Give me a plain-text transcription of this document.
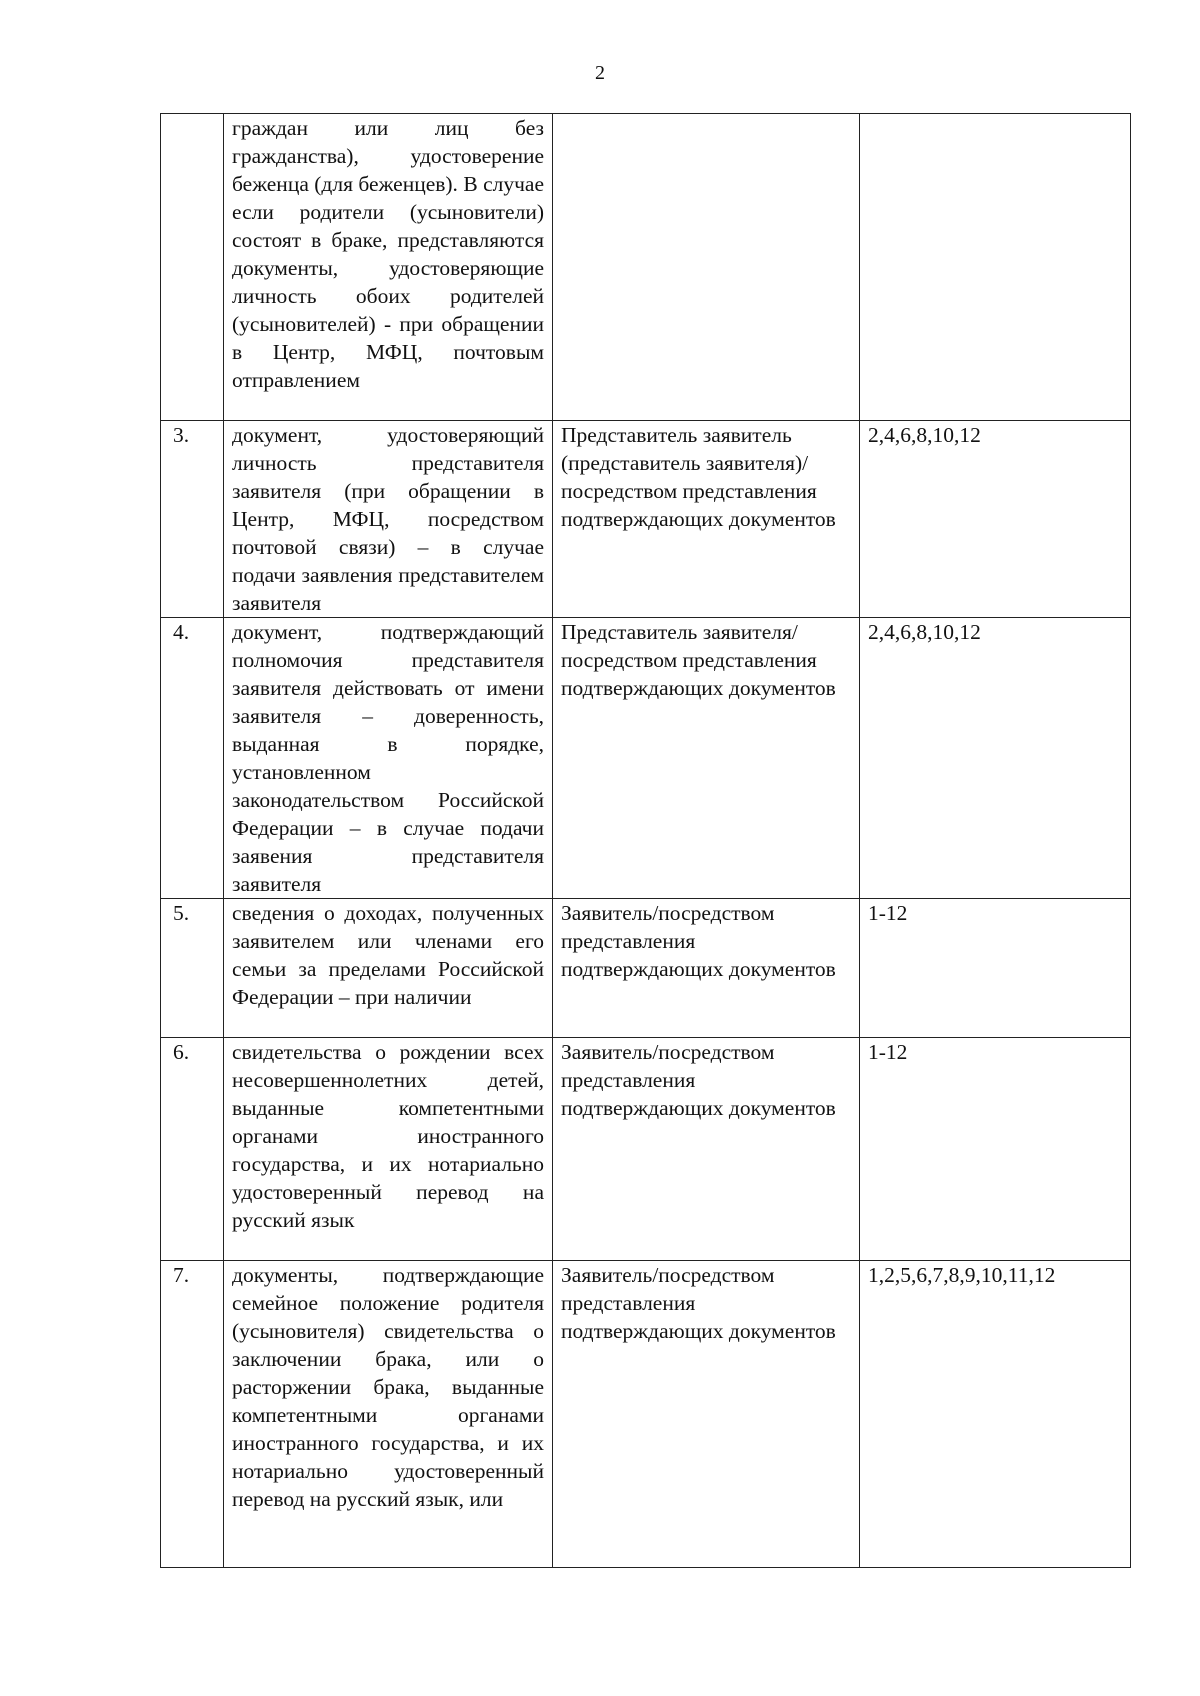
2
	граждан или лиц без гражданства), удостоверение беженца (для беженцев). В случае если родители (усыновители) состоят в браке, представляются документы, удостоверяющие личность обоих родителей (усыновителей) - при обращении в Центр, МФЦ, почтовым отправлением		
3.	документ, удостоверяющий личность представителя заявителя (при обращении в Центр, МФЦ, посредством почтовой связи) – в случае подачи заявления представителем заявителя	Представитель заявитель (представитель заявителя)/посредством представления подтверждающих документов	2,4,6,8,10,12
4.	документ, подтверждающий полномочия представителя заявителя действовать от имени заявителя – доверенность, выданная в порядке, установленном законодательством Российской Федерации – в случае подачи заявения представителя заявителя	Представитель заявителя/посредством представления подтверждающих документов	2,4,6,8,10,12
5.	сведения о доходах, полученных заявителем или членами его семьи за пределами Российской Федерации – при наличии	Заявитель/посредством представления подтверждающих документов	1-12
6.	свидетельства о рождении всех несовершеннолетних детей, выданные компетентными органами иностранного государства, и их нотариально удостоверенный перевод на русский язык	Заявитель/посредством представления подтверждающих документов	1-12
7.	документы, подтверждающие семейное положение родителя (усыновителя) свидетельства о заключении брака, или о расторжении брака, выданные компетентными органами иностранного государства, и их нотариально удостоверенный перевод на русский язык, или	Заявитель/посредством представления подтверждающих документов	1,2,5,6,7,8,9,10,11,12
